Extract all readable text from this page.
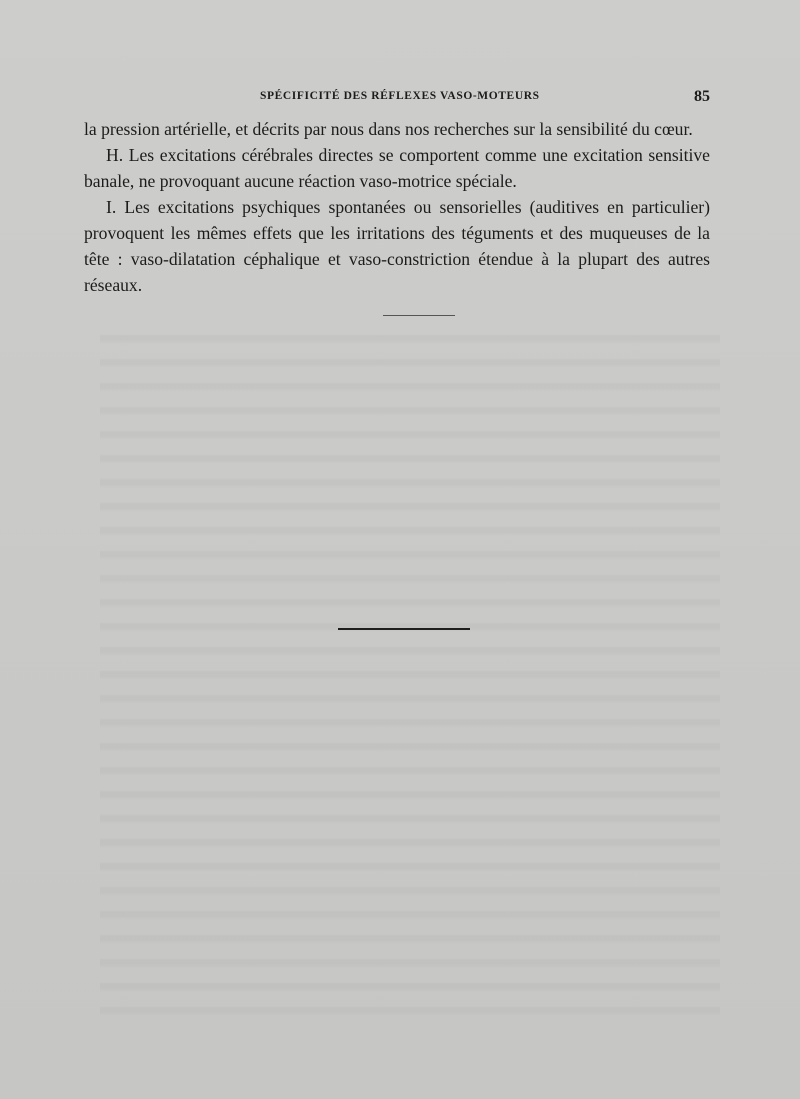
SPÉCIFICITÉ DES RÉFLEXES VASO-MOTEURS	85

la pression artérielle, et décrits par nous dans nos recherches sur la sensibilité du cœur.

H. Les excitations cérébrales directes se comportent comme une excitation sensitive banale, ne provoquant aucune réaction vaso-motrice spéciale.

I. Les excitations psychiques spontanées ou sensorielles (auditives en particulier) provoquent les mêmes effets que les irritations des téguments et des muqueuses de la tête : vaso-dilatation céphalique et vaso-constriction étendue à la plupart des autres réseaux.
